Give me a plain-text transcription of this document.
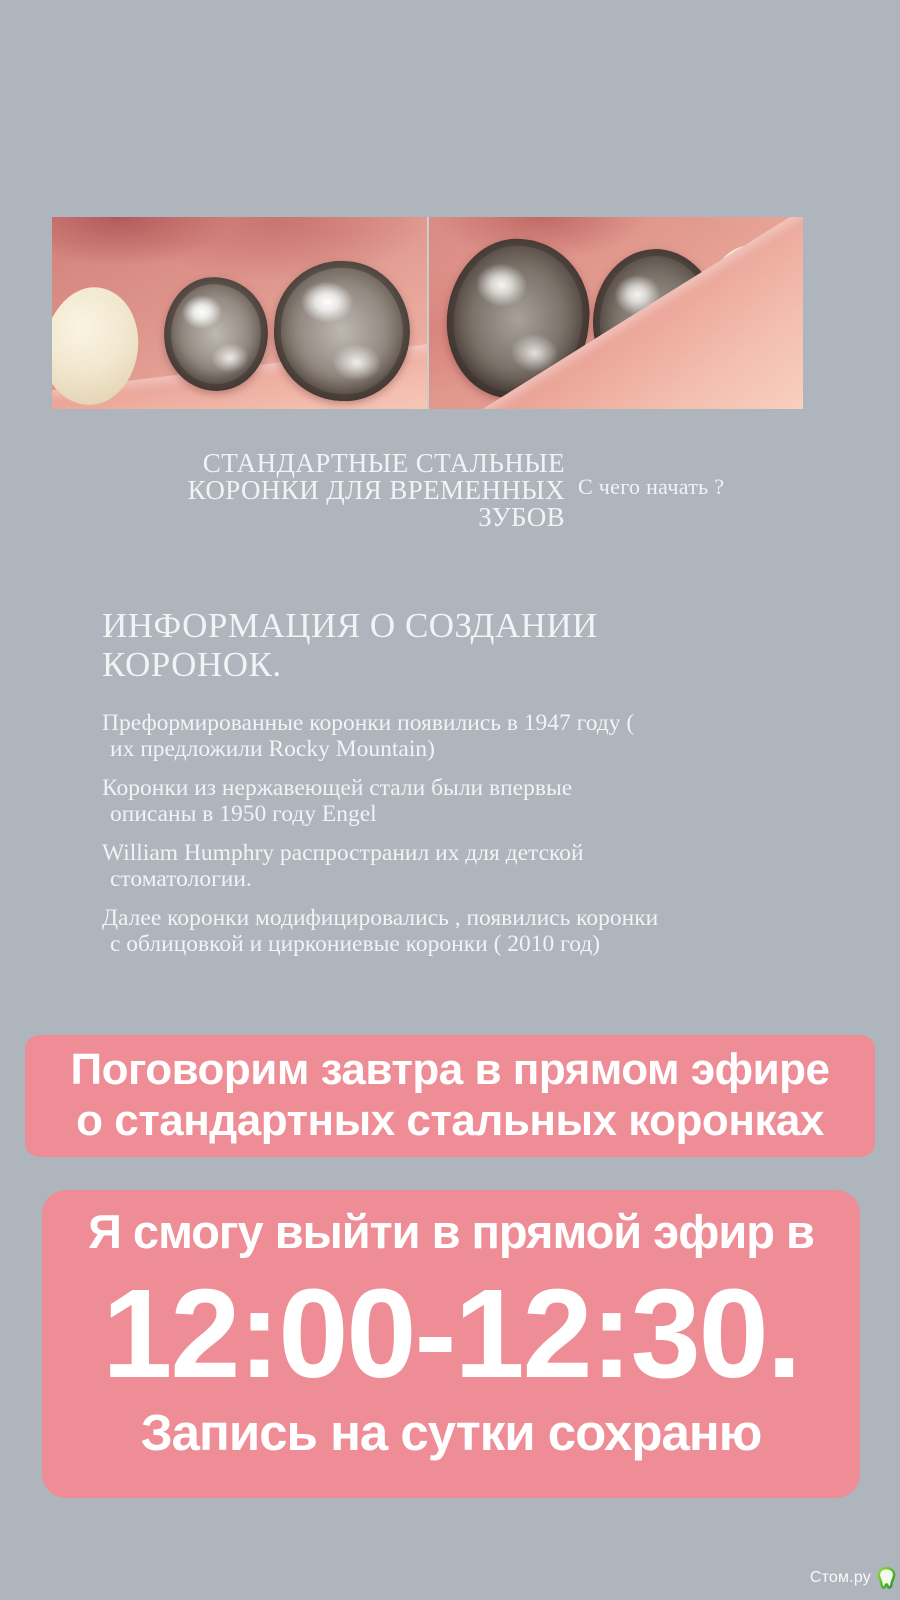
СТАНДАРТНЫЕ СТАЛЬНЫЕ
КОРОНКИ ДЛЯ ВРЕМЕННЫХ
ЗУБОВ
С чего начать ?
ИНФОРМАЦИЯ О СОЗДАНИИ
КОРОНОК.

Преформированные коронки появились в 1947 году (
их предложили Rocky Mountain)

Коронки из нержавеющей стали были впервые
описаны в 1950 году Engel

William Humphry распространил их для детской
стоматологии.

Далее коронки модифицировались , появились коронки
с облицовкой и циркониевые коронки ( 2010 год)

Поговорим завтра в прямом эфире
о стандартных стальных коронках
Я смогу выйти в прямой эфир в
12:00-12:30.
Запись на сутки сохраню
Стом.ру
